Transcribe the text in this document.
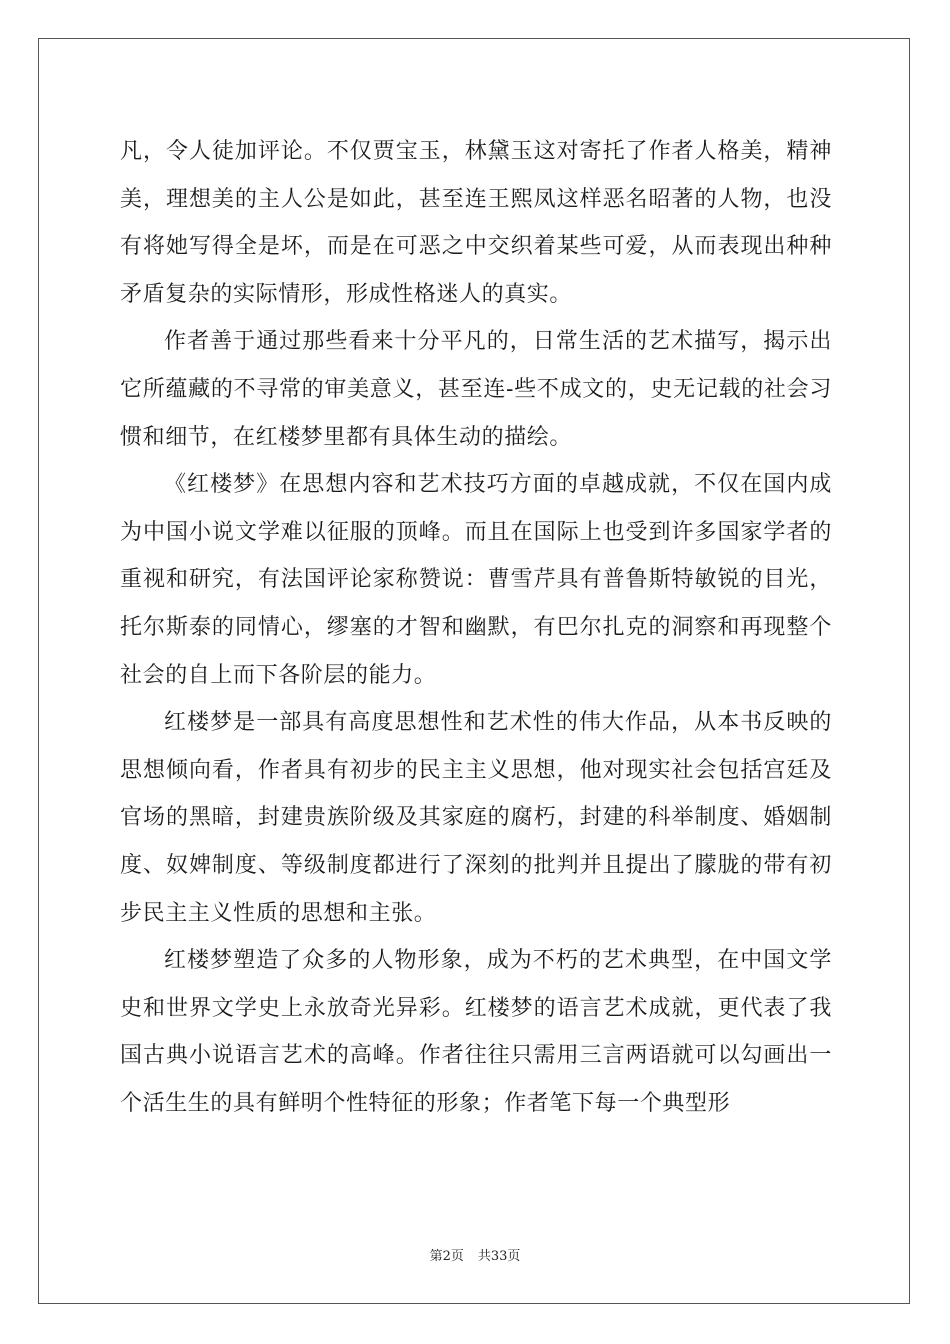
凡，令人徒加评论。不仅贾宝玉，林黛玉这对寄托了作者人格美，精神美，理想美的主人公是如此，甚至连王熙凤这样恶名昭著的人物，也没有将她写得全是坏，而是在可恶之中交织着某些可爱，从而表现出种种矛盾复杂的实际情形，形成性格迷人的真实。

作者善于通过那些看来十分平凡的，日常生活的艺术描写，揭示出它所蕴藏的不寻常的审美意义，甚至连-些不成文的，史无记载的社会习惯和细节，在红楼梦里都有具体生动的描绘。

《红楼梦》在思想内容和艺术技巧方面的卓越成就，不仅在国内成为中国小说文学难以征服的顶峰。而且在国际上也受到许多国家学者的重视和研究，有法国评论家称赞说：曹雪芹具有普鲁斯特敏锐的目光，托尔斯泰的同情心，缪塞的才智和幽默，有巴尔扎克的洞察和再现整个社会的自上而下各阶层的能力。

红楼梦是一部具有高度思想性和艺术性的伟大作品，从本书反映的思想倾向看，作者具有初步的民主主义思想，他对现实社会包括宫廷及官场的黑暗，封建贵族阶级及其家庭的腐朽，封建的科举制度、婚姻制度、奴婢制度、等级制度都进行了深刻的批判并且提出了朦胧的带有初步民主主义性质的思想和主张。

红楼梦塑造了众多的人物形象，成为不朽的艺术典型，在中国文学史和世界文学史上永放奇光异彩。红楼梦的语言艺术成就，更代表了我国古典小说语言艺术的高峰。作者往往只需用三言两语就可以勾画出一个活生生的具有鲜明个性特征的形象；作者笔下每一个典型形

第2页 共33页
